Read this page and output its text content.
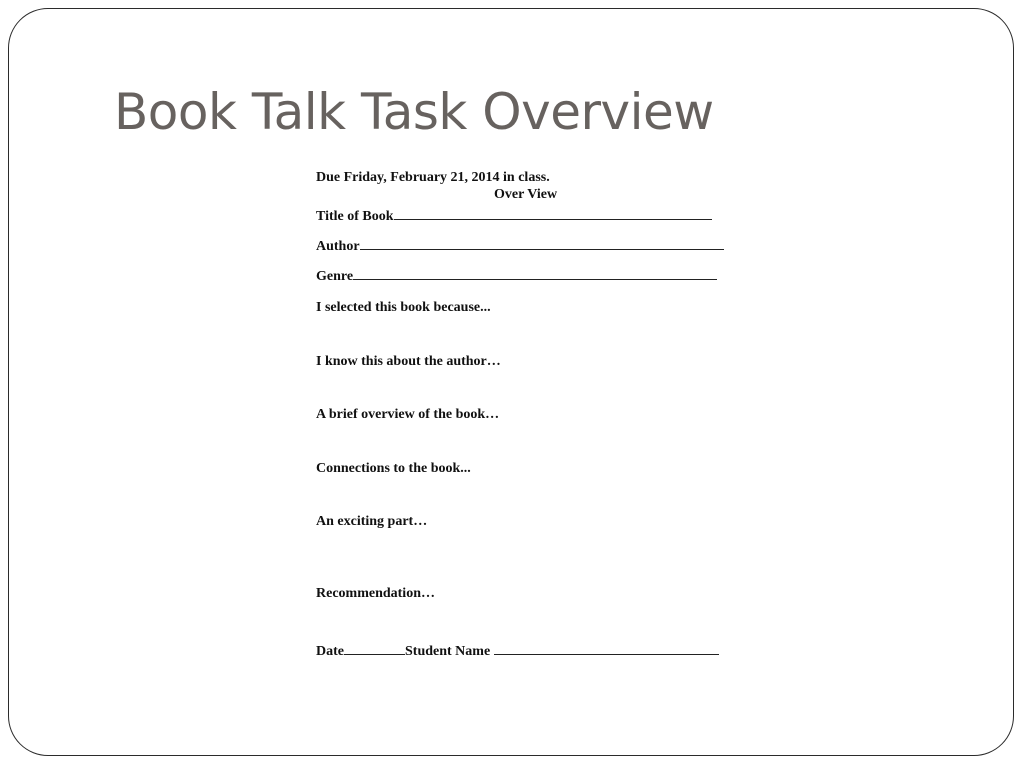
Book Talk Task Overview

Due Friday, February 21, 2014 in class.

Over View

Title of Book
Author
Genre

I selected this book because...

I know this about the author…

A brief overview of the book…

Connections to the book...

An exciting part…

Recommendation…

Date	Student Name
